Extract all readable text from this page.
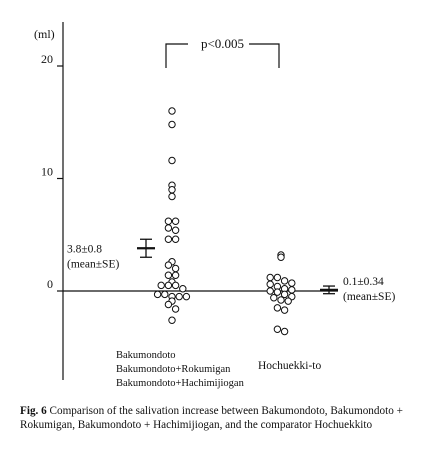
(ml)
0
10
20
3.8±0.8
(mean±SE)
0.1±0.34
(mean±SE)
p<0.005
Bakumondoto
Bakumondoto+Rokumigan
Bakumondoto+Hachimijiogan
Hochuekki-to
Fig. 6 Comparison of the salivation increase between Bakumondoto, Bakumondoto + Rokumigan, Bakumondoto + Hachimijiogan, and the comparator Hochuekkito
